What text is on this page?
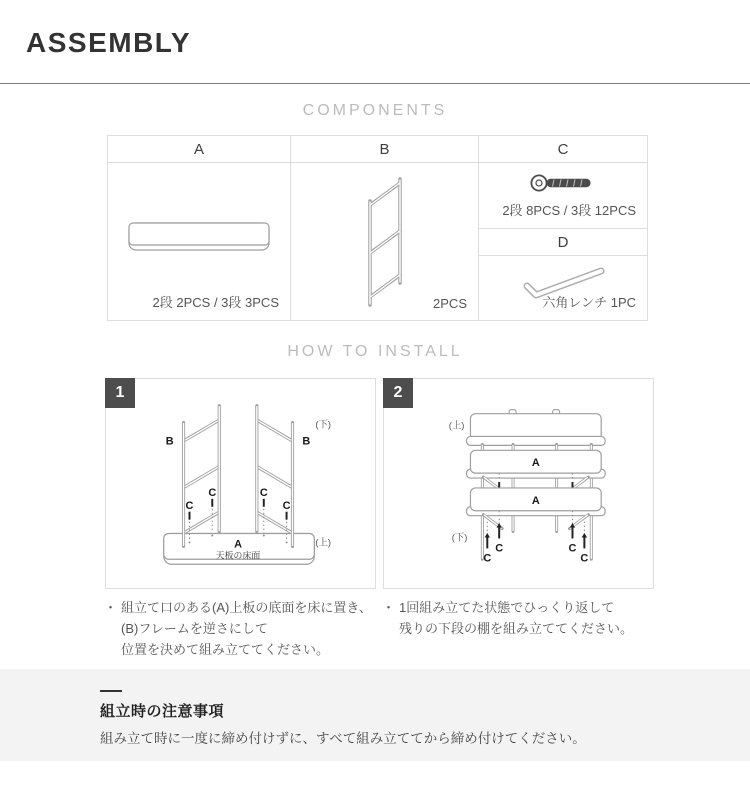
ASSEMBLY
COMPONENTS
A
2段 2PCS / 3段 3PCS
B
2PCS
C
2段 8PCS / 3段 12PCS
D
六角レンチ 1PC
HOW TO INSTALL
1
B	B
C
C
C
C
A
天板の床面
(下)
(上)
2
A
A
C
C
C
C
(上)
(下)
・ 組立て口のある(A)上板の底面を床に置き、
(B)フレームを逆さにして
位置を決めて組み立ててください。
・ 1回組み立てた状態でひっくり返して
残りの下段の棚を組み立ててください。
組立時の注意事項
組み立て時に一度に締め付けずに、すべて組み立ててから締め付けてください。
